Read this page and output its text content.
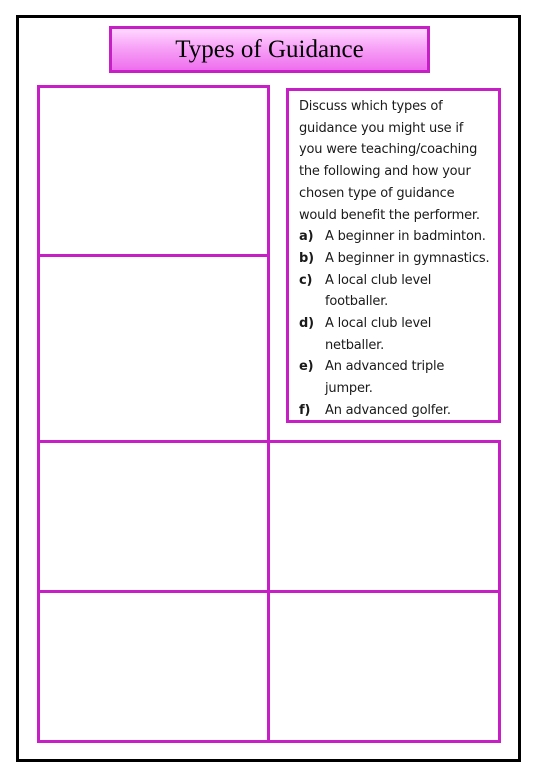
Types of Guidance

Discuss which types of
guidance you might use if
you were teaching/coaching
the following and how your
chosen type of guidance
would benefit the performer.

a) A beginner in badminton.
b) A beginner in gymnastics.
c) A local club level
footballer.
d) A local club level
netballer.
e) An advanced triple
jumper.
f)	An advanced golfer.
